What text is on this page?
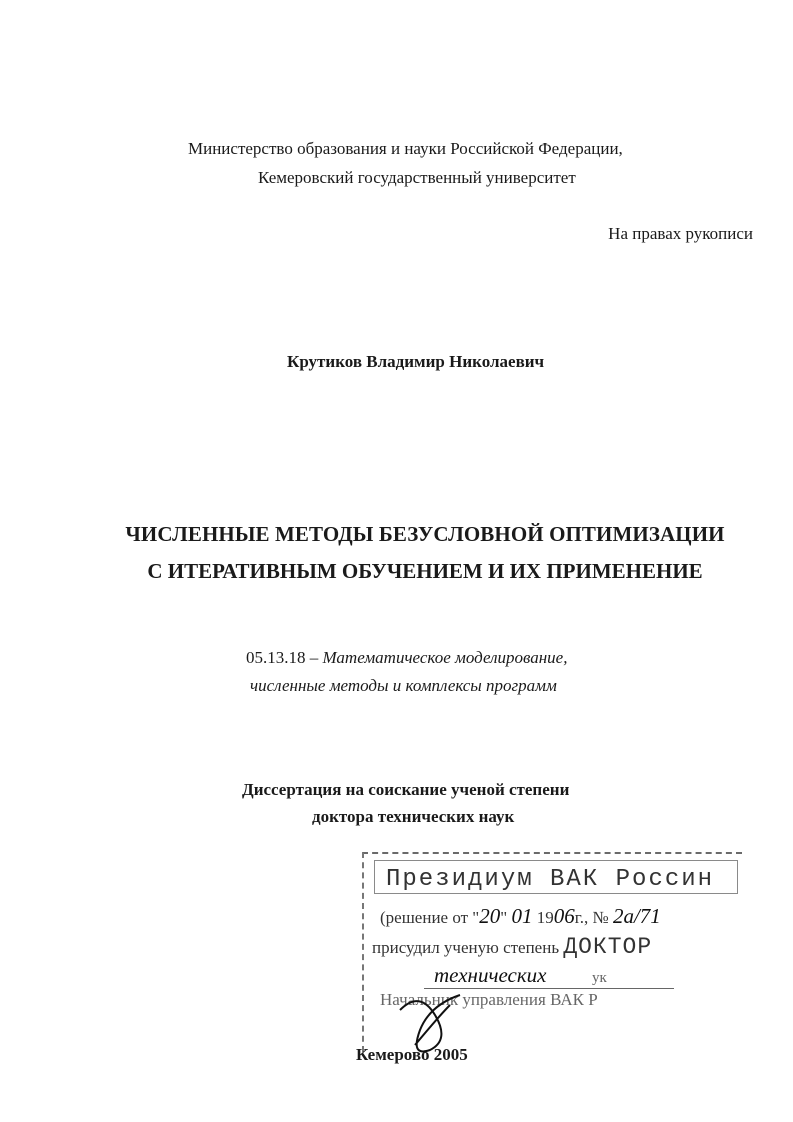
Министерство образования и науки Российской Федерации,
Кемеровский государственный университет
На правах рукописи
Крутиков Владимир Николаевич
ЧИСЛЕННЫЕ МЕТОДЫ БЕЗУСЛОВНОЙ ОПТИМИЗАЦИИ
С ИТЕРАТИВНЫМ ОБУЧЕНИЕМ И ИХ ПРИМЕНЕНИЕ
05.13.18 – Математическое моделирование,
численные методы и комплексы программ
Диссертация на соискание ученой степени
доктора технических наук
Президиум ВАК Россин
(решение от "20" 01 1906г., № 2а/71
присудил ученую степень ДОКТОР
технических	ук
Начальник управления ВАК Р
Кемерово 2005
